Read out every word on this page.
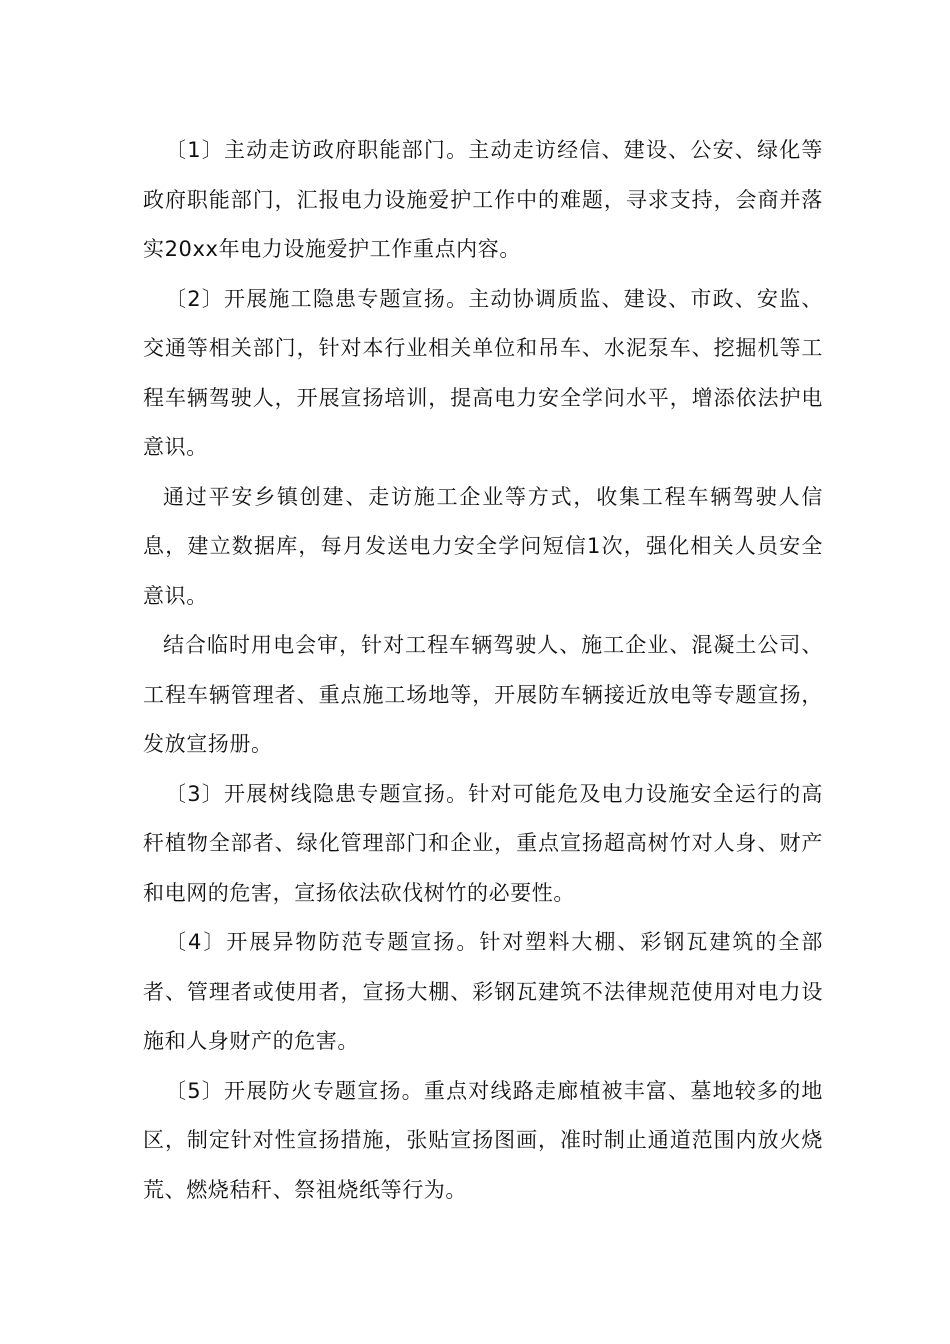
〔1〕主动走访政府职能部门。主动走访经信、建设、公安、绿化等政府职能部门，汇报电力设施爱护工作中的难题，寻求支持，会商并落实20xx年电力设施爱护工作重点内容。

〔2〕开展施工隐患专题宣扬。主动协调质监、建设、市政、安监、交通等相关部门，针对本行业相关单位和吊车、水泥泵车、挖掘机等工程车辆驾驶人，开展宣扬培训，提高电力安全学问水平，增添依法护电意识。

通过平安乡镇创建、走访施工企业等方式，收集工程车辆驾驶人信息，建立数据库，每月发送电力安全学问短信1次，强化相关人员安全意识。

结合临时用电会审，针对工程车辆驾驶人、施工企业、混凝土公司、工程车辆管理者、重点施工场地等，开展防车辆接近放电等专题宣扬，发放宣扬册。

〔3〕开展树线隐患专题宣扬。针对可能危及电力设施安全运行的高秆植物全部者、绿化管理部门和企业，重点宣扬超高树竹对人身、财产和电网的危害，宣扬依法砍伐树竹的必要性。

〔4〕开展异物防范专题宣扬。针对塑料大棚、彩钢瓦建筑的全部者、管理者或使用者，宣扬大棚、彩钢瓦建筑不法律规范使用对电力设施和人身财产的危害。

〔5〕开展防火专题宣扬。重点对线路走廊植被丰富、墓地较多的地区，制定针对性宣扬措施，张贴宣扬图画，准时制止通道范围内放火烧荒、燃烧秸秆、祭祖烧纸等行为。
